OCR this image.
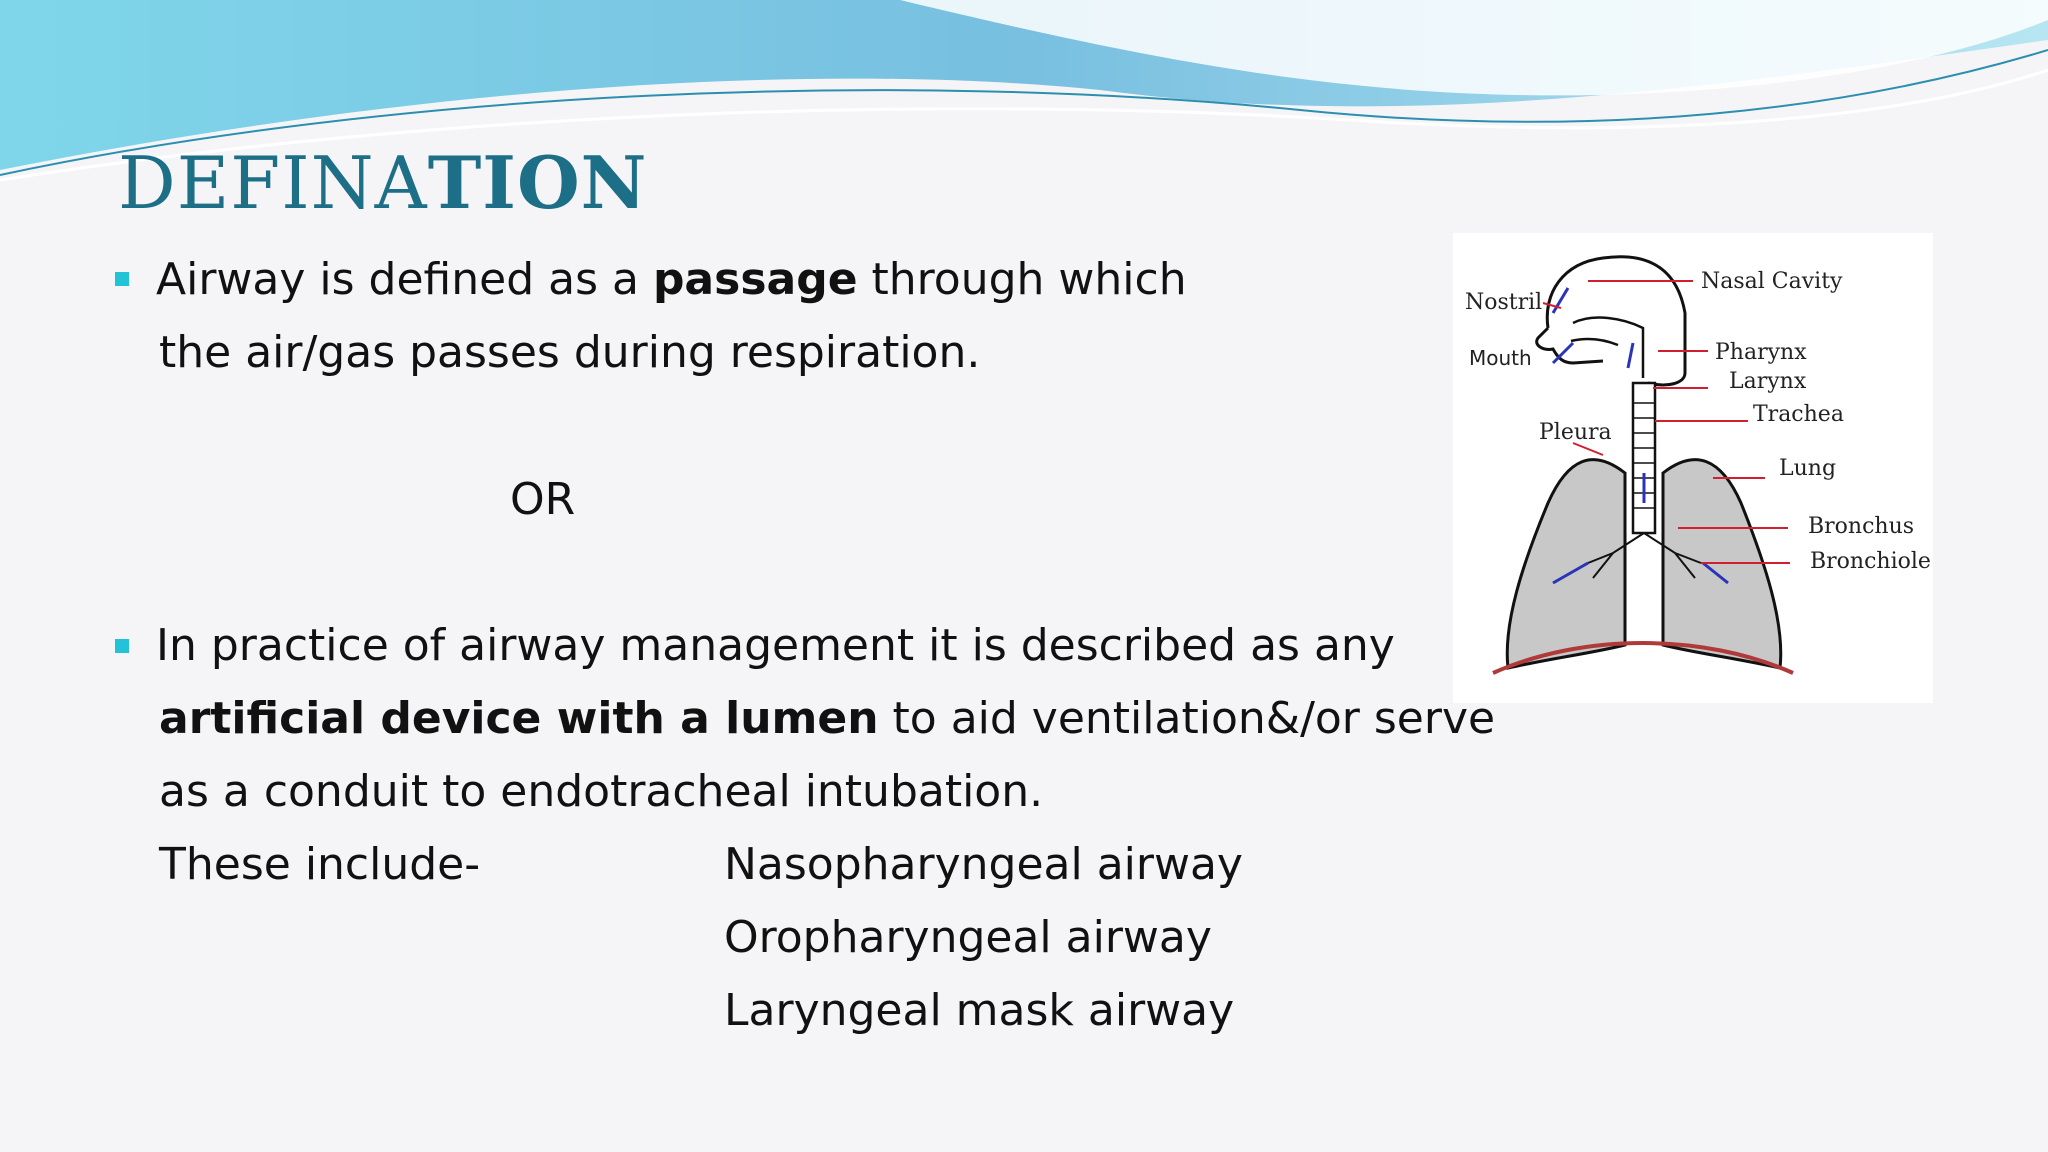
DEFINATION
Airway is defined as a passage through which
the air/gas passes during respiration.
OR
In practice of airway management it is described as any
artificial device with a lumen to aid ventilation&/or serve
as a conduit to endotracheal intubation.
These include-	Nasopharyngeal airway
Oropharyngeal airway
Laryngeal mask airway
Nostril
Mouth
Nasal Cavity
Pharynx
Larynx
Trachea
Pleura
Lung
Bronchus
Bronchiole
